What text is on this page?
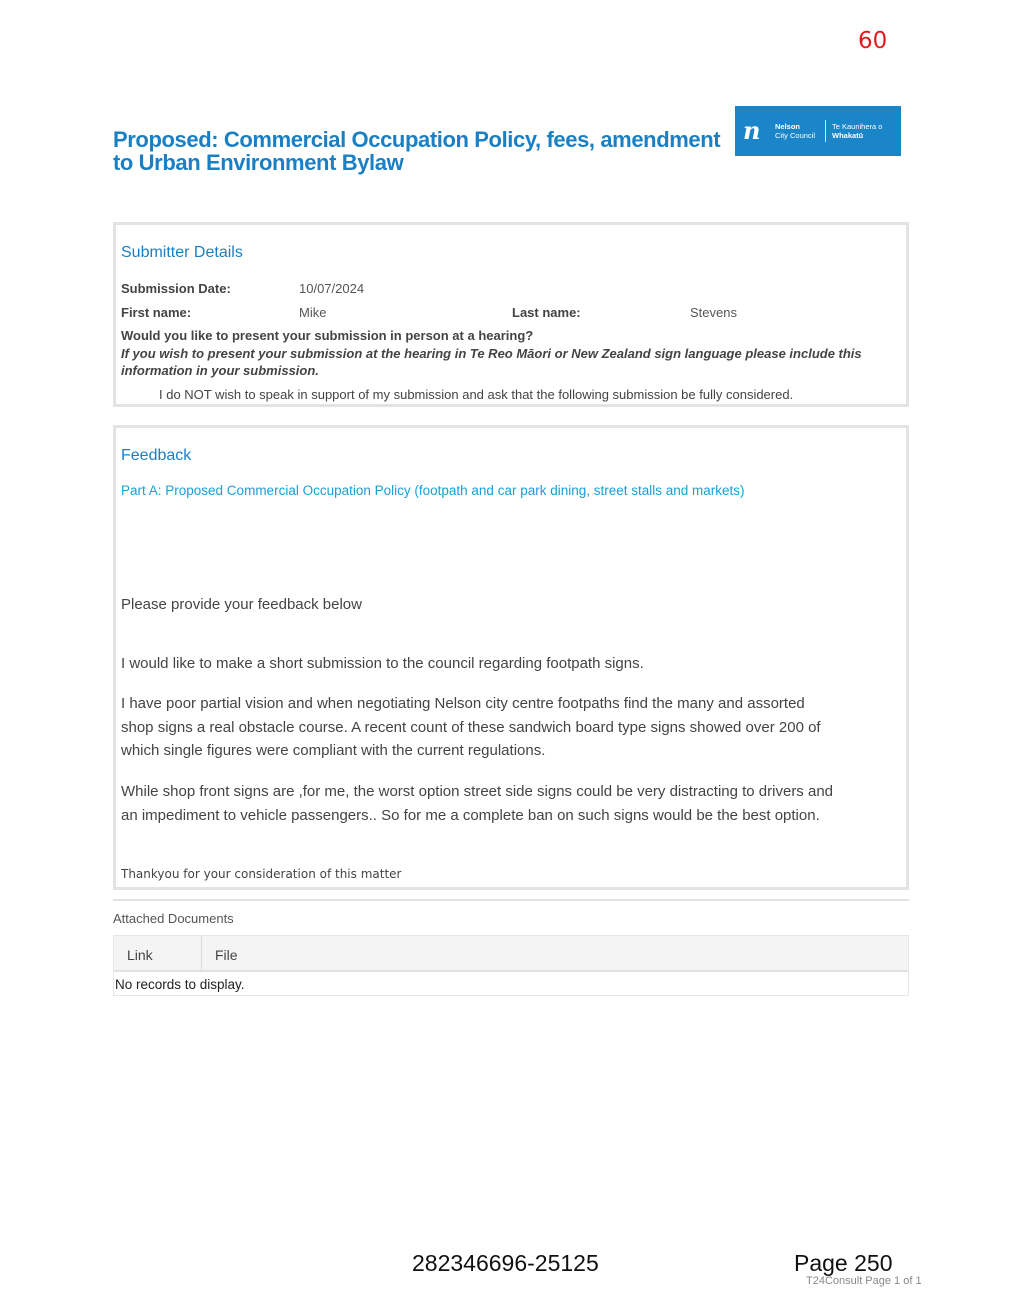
60
Proposed: Commercial Occupation Policy, fees, amendment to Urban Environment Bylaw
n	Nelson
City Council
Te Kaunihera o
Whakatū
Submitter Details
Submission Date:	10/07/2024
First name:	Mike	Last name:	Stevens
Would you like to present your submission in person at a hearing?
If you wish to present your submission at the hearing in Te Reo Māori or New Zealand sign language please include this information in your submission.
I do NOT wish to speak in support of my submission and ask that the following submission be fully considered.
Feedback
Part A: Proposed Commercial Occupation Policy (footpath and car park dining, street stalls and markets)
Please provide your feedback below

I would like to make a short submission to the council regarding footpath signs.

I have poor partial vision and when negotiating Nelson city centre footpaths find the many and assorted shop signs a real obstacle course. A recent count of these sandwich board type signs showed over 200 of which single figures were compliant with the current regulations.

While shop front signs are ,for me, the worst option street side signs could be very distracting to drivers and an impediment to vehicle passengers.. So for me a complete ban on such signs would be the best option.

Thankyou for your consideration of this matter
Attached Documents
Link	File
No records to display.
282346696-25125	Page 250
T24Consult Page 1 of 1
